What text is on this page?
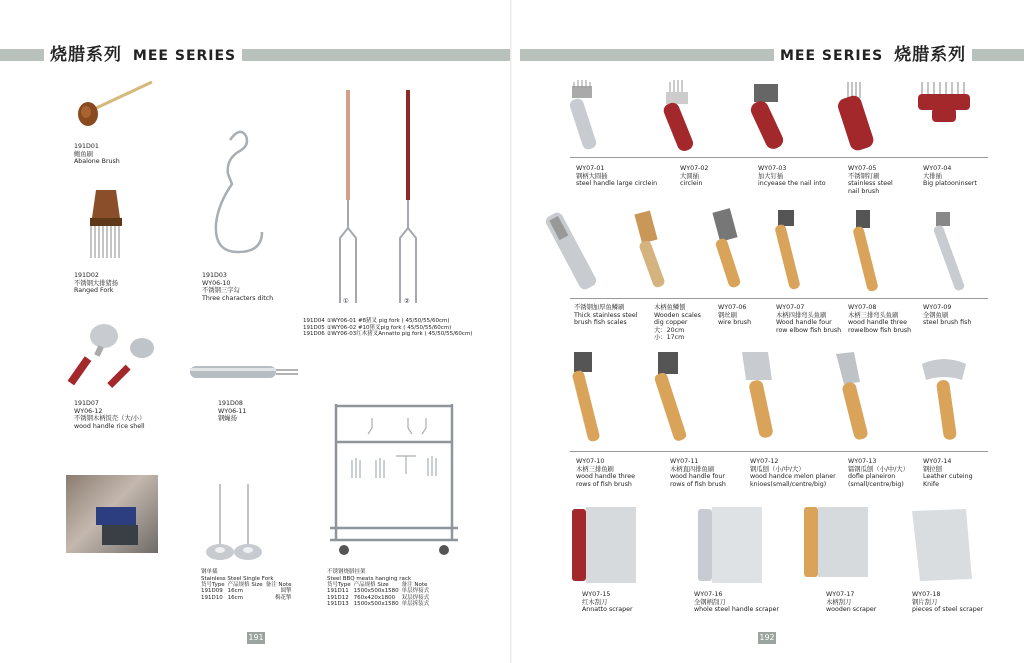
烧腊系列 MEE SERIES
191D01
鲍鱼刷
Abalone Brush
191D02
不锈钢大排猪扬
Ranged Fork
191D03
WY06-10
不锈钢三字勾
Three characters ditch	①	②
191D04 ①WY06-01 #8猪叉 pig fork ( 45/50/55/60cm)
191D05 ①WY06-02 #10猪叉pig fork ( 45/50/55/60cm)
191D06 ②WY06-03红木猪叉Annatto pig fork ( 45/50/55/60cm)
191D07
WY06-12
不锈钢木柄饭壳（大/小）
wood handle rice shell
191D08
WY06-11
钢蝇扬
钢单插
Stainless Steel Single Fork
货号Type	产品规格 Size	备注 Note
191D09	16cm	圆掣
191D10	16cm	梅花掣
不锈钢烧腊挂架
Steel BBQ meats hanging rack
货号Type	产品规格 Size	备注 Note
191D11	1500x500x1580	单层焊接式
191D12	760x420x1800	双层焊接式
191D13	1500x500x1580	单层拆装式
191
MEE SERIES 烧腊系列
WY07-01
钢柄大圆插
steel handle large circlein
WY07-02
大圆插
circlein
WY07-03
加大钉插
incyease the nail into
WY07-05
不锈钢钉刷
stainless steel
nail brush
WY07-04
大排插
Big platooninsert
不锈钢加厚鱼鳞刷
Thick stainless steel
brush fish scales
木柄鱼鳞刨
Wooden scales
dig copper
大：20cm
小：17cm
WY07-06
钢丝刷
wire brush
WY07-07
木柄四排弯头鱼刷
Wood handle four
row elbow fish brush
WY07-08
木柄三排弯头鱼刷
wood handle three
rowelbow fish brush
WY07-09
全钢鱼刷
steel brush fish
WY07-10
木柄三排鱼刷
wood handle three
rows of fish brush
WY07-11
木柄直四排鱼刷
wood handle four
rows of fish brush
WY07-12
钢瓜刨（小/中/大）
wood handce melon planer
knioes(small/centre/big)
WY07-13
镭钢瓜刨（小/中/大）
dofle planeiron
(small/centre/big)
WY07-14
钢拉刨
Leather cuteing
Knife
WY07-15
红木刮刀
Annatto scraper
WY07-16
全钢柄刮刀
whole steel handle scraper
WY07-17
木柄刮刀
wooden scraper
WY07-18
钢片刮刀
pieces of steel scraper
192
